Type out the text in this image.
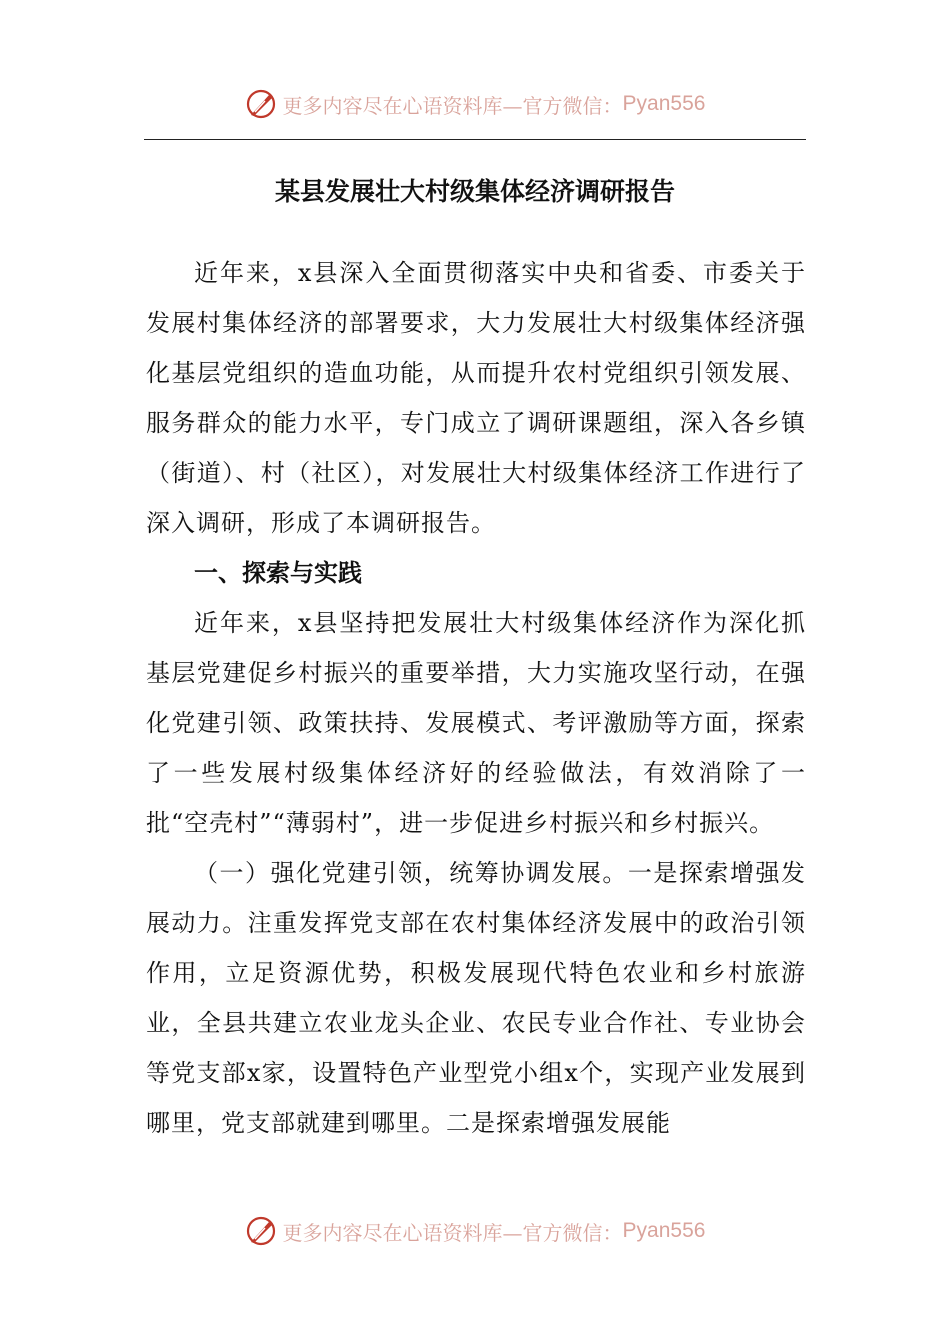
更多内容尽在心语资料库—官方微信： Pyan556
某县发展壮大村级集体经济调研报告

近年来，x县深入全面贯彻落实中央和省委、市委关于发展村集体经济的部署要求，大力发展壮大村级集体经济强化基层党组织的造血功能，从而提升农村党组织引领发展、服务群众的能力水平，专门成立了调研课题组，深入各乡镇（街道）、村（社区），对发展壮大村级集体经济工作进行了深入调研，形成了本调研报告。

一、探索与实践

近年来，x县坚持把发展壮大村级集体经济作为深化抓基层党建促乡村振兴的重要举措，大力实施攻坚行动，在强化党建引领、政策扶持、发展模式、考评激励等方面，探索了一些发展村级集体经济好的经验做法，有效消除了一批“空壳村”“薄弱村”，进一步促进乡村振兴和乡村振兴。

（一）强化党建引领，统筹协调发展。一是探索增强发展动力。注重发挥党支部在农村集体经济发展中的政治引领作用，立足资源优势，积极发展现代特色农业和乡村旅游业，全县共建立农业龙头企业、农民专业合作社、专业协会等党支部x家，设置特色产业型党小组x个，实现产业发展到哪里，党支部就建到哪里。二是探索增强发展能

更多内容尽在心语资料库—官方微信： Pyan556
